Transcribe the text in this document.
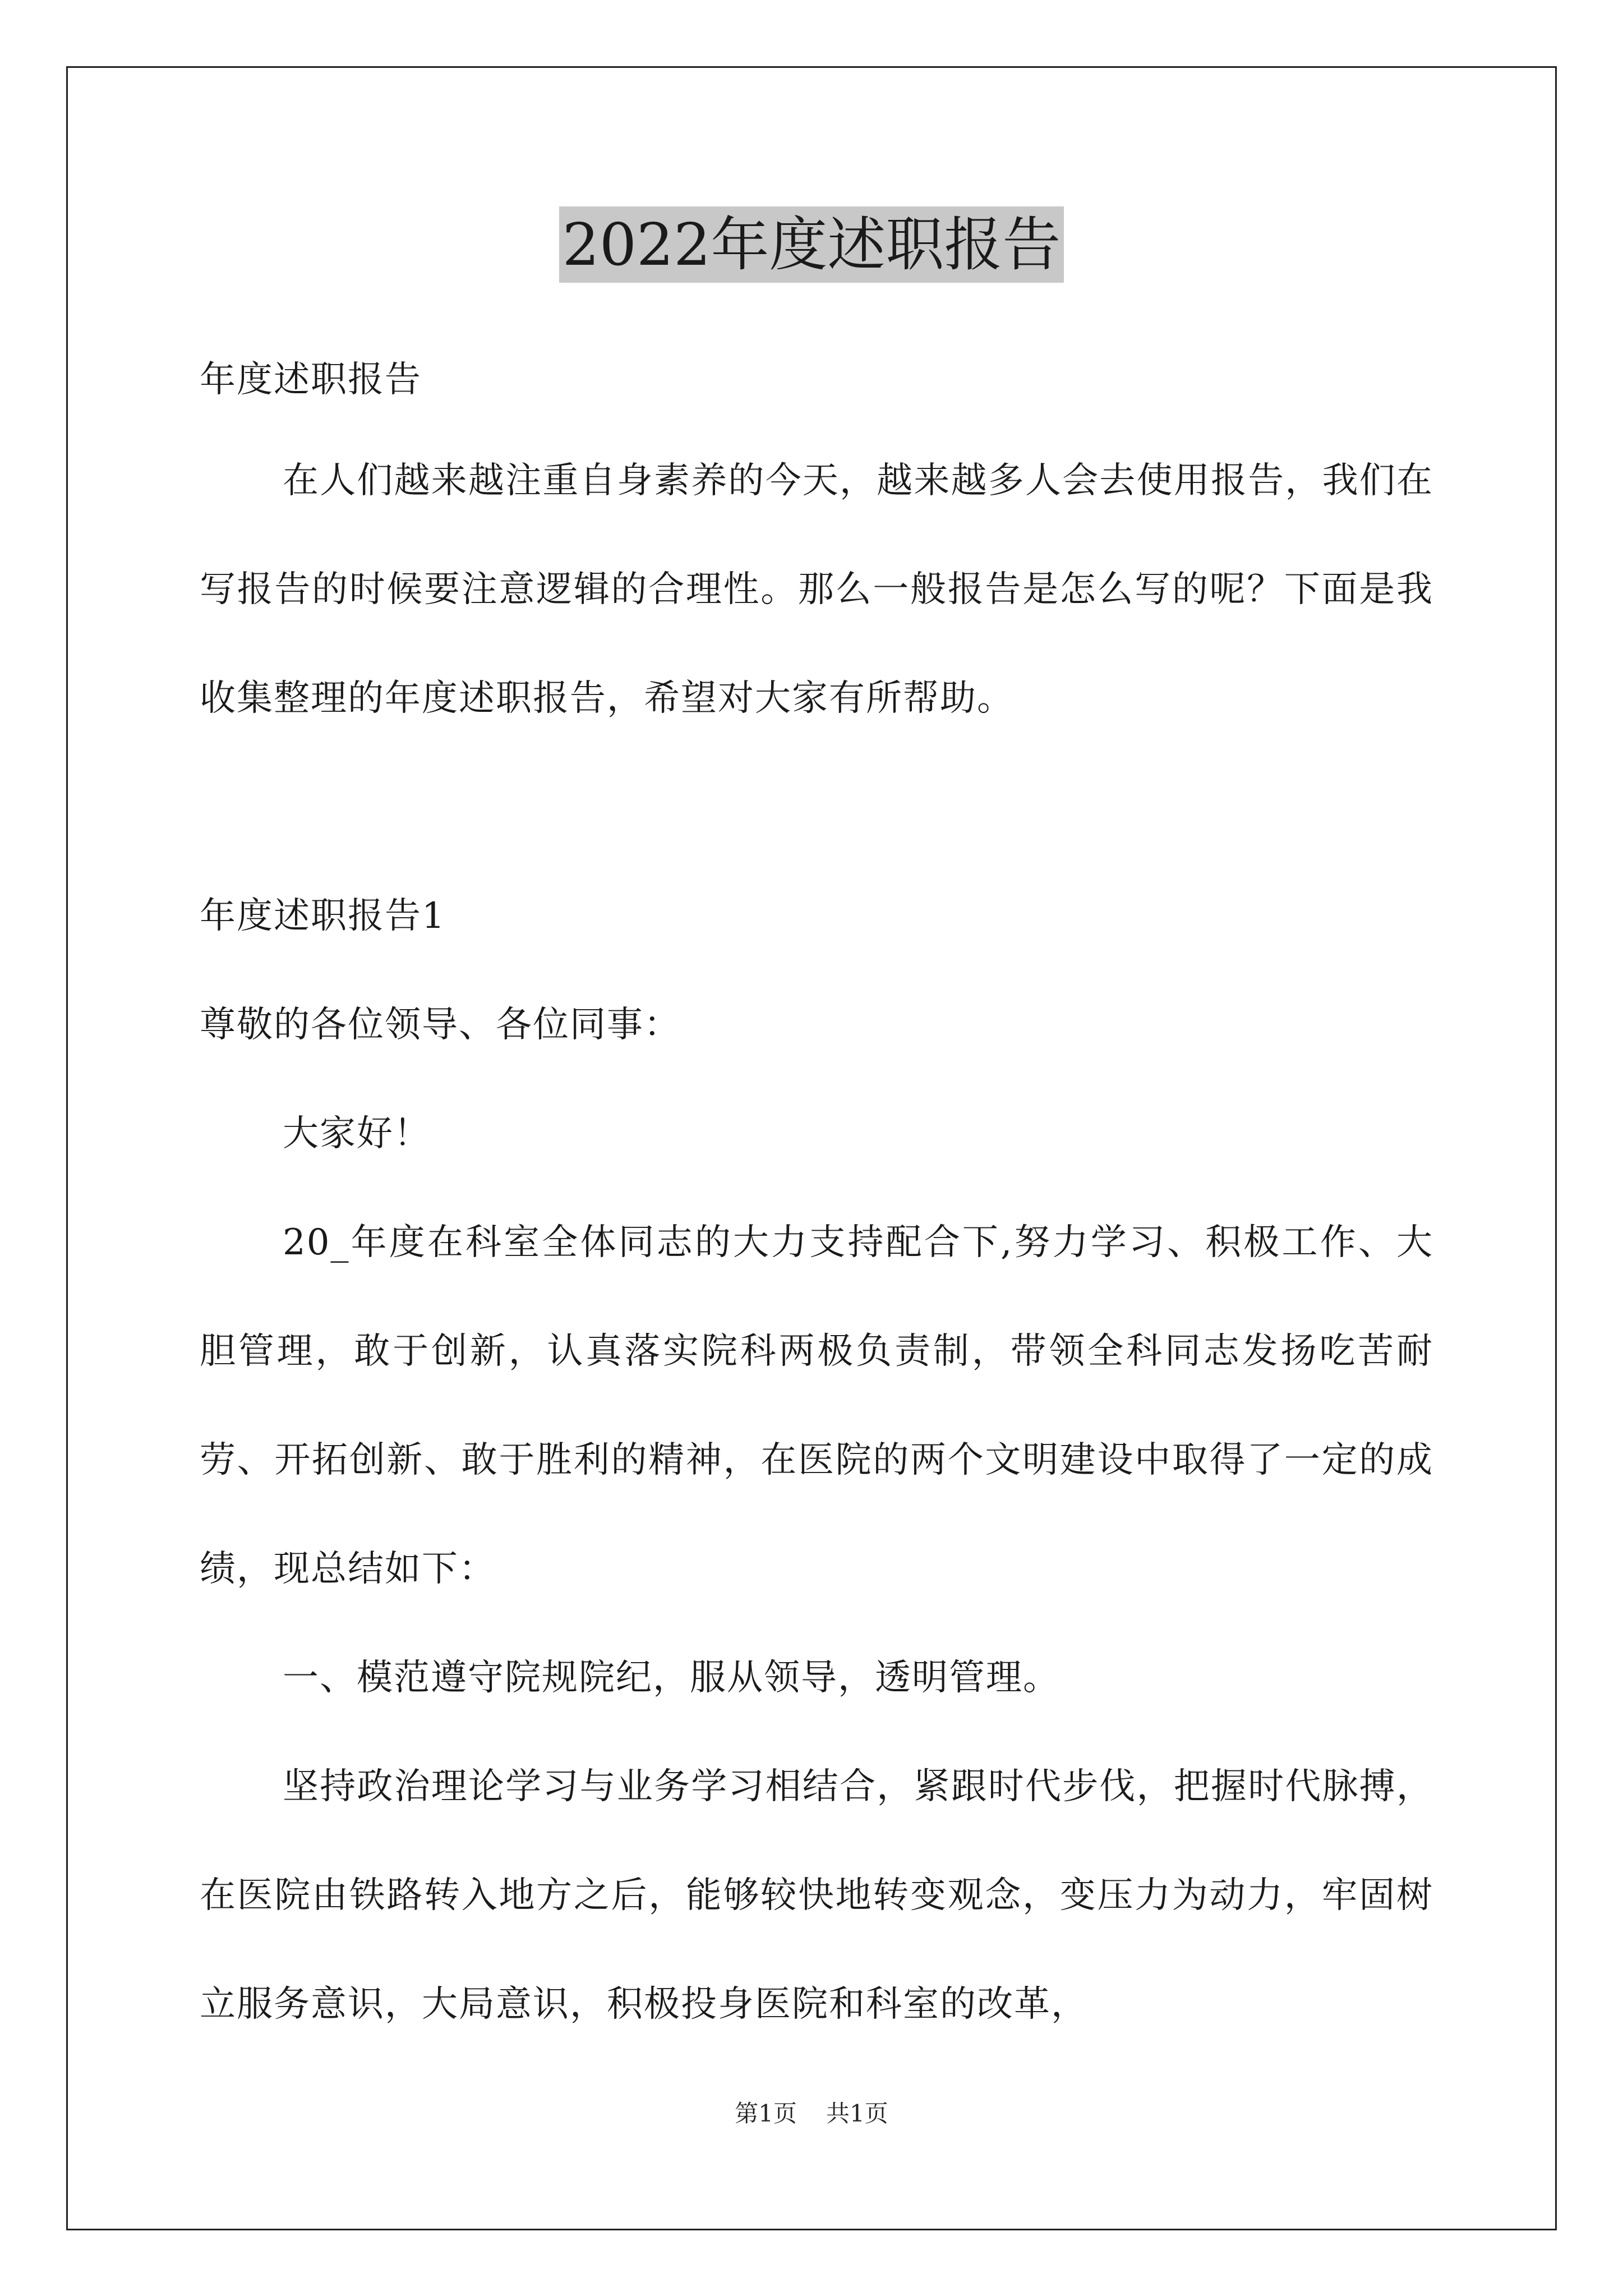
2022年度述职报告

年度述职报告

在人们越来越注重自身素养的今天，越来越多人会去使用报告，我们在写报告的时候要注意逻辑的合理性。那么一般报告是怎么写的呢？下面是我收集整理的年度述职报告，希望对大家有所帮助。

年度述职报告1

尊敬的各位领导、各位同事：

大家好！

20_年度在科室全体同志的大力支持配合下,努力学习、积极工作、大胆管理，敢于创新，认真落实院科两极负责制，带领全科同志发扬吃苦耐劳、开拓创新、敢于胜利的精神，在医院的两个文明建设中取得了一定的成绩，现总结如下：

一、模范遵守院规院纪，服从领导，透明管理。

坚持政治理论学习与业务学习相结合，紧跟时代步伐，把握时代脉搏，在医院由铁路转入地方之后，能够较快地转变观念，变压力为动力，牢固树立服务意识，大局意识，积极投身医院和科室的改革，

第1页 共1页
